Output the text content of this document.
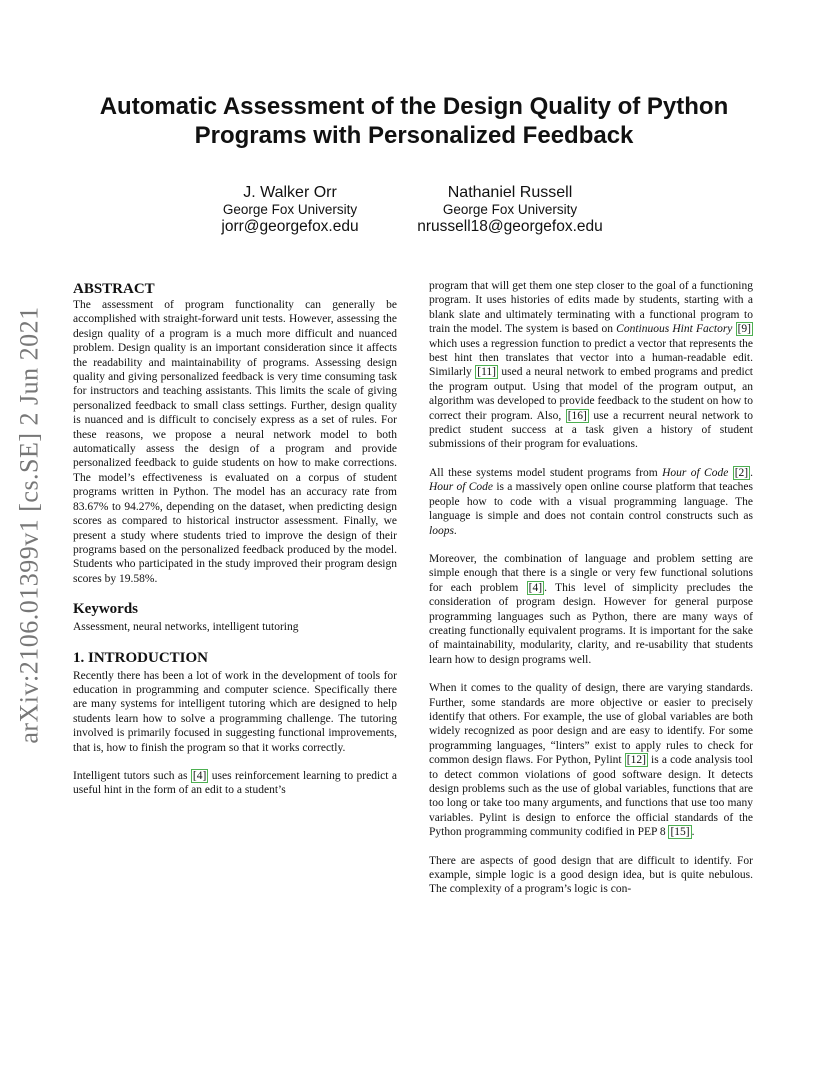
arXiv:2106.01399v1 [cs.SE] 2 Jun 2021
Automatic Assessment of the Design Quality of Python
Programs with Personalized Feedback
J. Walker Orr
George Fox University
jorr@georgefox.edu
Nathaniel Russell
George Fox University
nrussell18@georgefox.edu
ABSTRACT

The assessment of program functionality can generally be accomplished with straight-forward unit tests. However, assessing the design quality of a program is a much more difficult and nuanced problem. Design quality is an important consideration since it affects the readability and maintainability of programs. Assessing design quality and giving personalized feedback is very time consuming task for instructors and teaching assistants. This limits the scale of giving personalized feedback to small class settings. Further, design quality is nuanced and is difficult to concisely express as a set of rules. For these reasons, we propose a neural network model to both automatically assess the design of a program and provide personalized feedback to guide students on how to make corrections. The model’s effectiveness is evaluated on a corpus of student programs written in Python. The model has an accuracy rate from 83.67% to 94.27%, depending on the dataset, when predicting design scores as compared to historical instructor assessment. Finally, we present a study where students tried to improve the design of their programs based on the personalized feedback produced by the model. Students who participated in the study improved their program design scores by 19.58%.

Keywords

Assessment, neural networks, intelligent tutoring

1. INTRODUCTION

Recently there has been a lot of work in the development of tools for education in programming and computer science. Specifically there are many systems for intelligent tutoring which are designed to help students learn how to solve a programming challenge. The tutoring involved is primarily focused in suggesting functional improvements, that is, how to finish the program so that it works correctly.

Intelligent tutors such as [4] uses reinforcement learning to predict a useful hint in the form of an edit to a student’s

program that will get them one step closer to the goal of a functioning program. It uses histories of edits made by students, starting with a blank slate and ultimately terminating with a functional program to train the model. The system is based on Continuous Hint Factory [9] which uses a regression function to predict a vector that represents the best hint then translates that vector into a human-readable edit. Similarly [11] used a neural network to embed programs and predict the program output. Using that model of the program output, an algorithm was developed to provide feedback to the student on how to correct their program. Also, [16] use a recurrent neural network to predict student success at a task given a history of student submissions of their program for evaluations.

All these systems model student programs from Hour of Code [2] . Hour of Code is a massively open online course platform that teaches people how to code with a visual programming language. The language is simple and does not contain control constructs such as loops.

Moreover, the combination of language and problem setting are simple enough that there is a single or very few functional solutions for each problem [4] . This level of simplicity precludes the consideration of program design. However for general purpose programming languages such as Python, there are many ways of creating functionally equivalent programs. It is important for the sake of maintainability, modularity, clarity, and re-usability that students learn how to design programs well.

When it comes to the quality of design, there are varying standards. Further, some standards are more objective or easier to precisely identify that others. For example, the use of global variables are both widely recognized as poor design and are easy to identify. For some programming languages, “linters” exist to apply rules to check for common design flaws. For Python, Pylint [12] is a code analysis tool to detect common violations of good software design. It detects design problems such as the use of global variables, functions that are too long or take too many arguments, and functions that use too many variables. Pylint is design to enforce the official standards of the Python programming community codified in PEP 8 [15] .

There are aspects of good design that are difficult to identify. For example, simple logic is a good design idea, but is quite nebulous. The complexity of a program’s logic is con-
